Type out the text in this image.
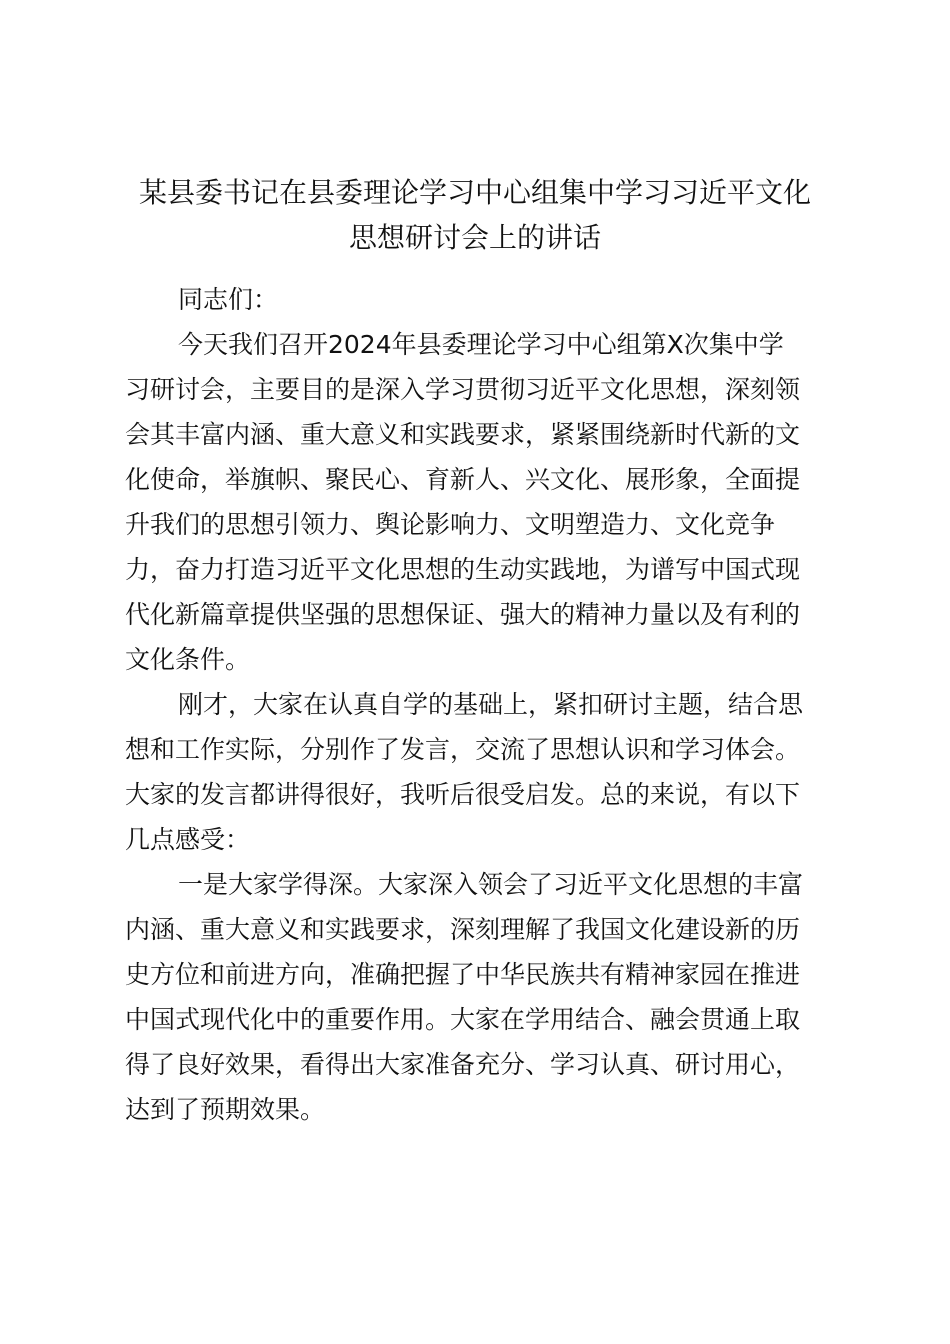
某县委书记在县委理论学习中心组集中学习习近平文化
思想研讨会上的讲话
同志们：
今天我们召开2024年县委理论学习中心组第X次集中学
习研讨会，主要目的是深入学习贯彻习近平文化思想，深刻领
会其丰富内涵、重大意义和实践要求，紧紧围绕新时代新的文
化使命，举旗帜、聚民心、育新人、兴文化、展形象，全面提
升我们的思想引领力、舆论影响力、文明塑造力、文化竞争
力，奋力打造习近平文化思想的生动实践地，为谱写中国式现
代化新篇章提供坚强的思想保证、强大的精神力量以及有利的
文化条件。
刚才，大家在认真自学的基础上，紧扣研讨主题，结合思
想和工作实际，分别作了发言，交流了思想认识和学习体会。
大家的发言都讲得很好，我听后很受启发。总的来说，有以下
几点感受：
一是大家学得深。大家深入领会了习近平文化思想的丰富
内涵、重大意义和实践要求，深刻理解了我国文化建设新的历
史方位和前进方向，准确把握了中华民族共有精神家园在推进
中国式现代化中的重要作用。大家在学用结合、融会贯通上取
得了良好效果，看得出大家准备充分、学习认真、研讨用心，
达到了预期效果。
